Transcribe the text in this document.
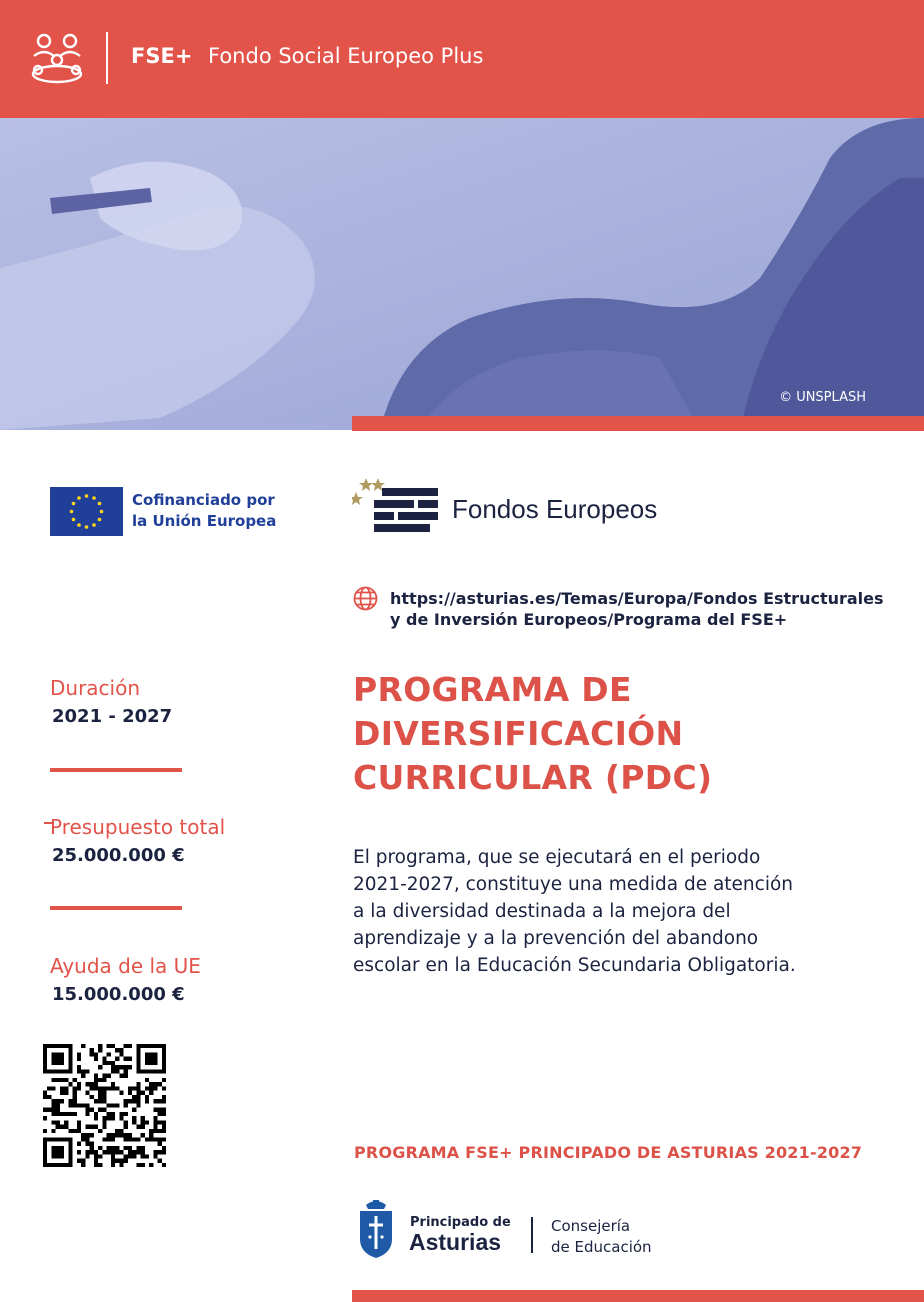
FSE+ Fondo Social Europeo Plus
© UNSPLASH
Cofinanciado por
la Unión Europea	Fondos Europeos
https://asturias.es/Temas/Europa/Fondos Estructurales
y de Inversión Europeos/Programa del FSE+
Duración
2021 - 2027
Presupuesto total
25.000.000 €
Ayuda de la UE
15.000.000 €
PROGRAMA DE
DIVERSIFICACIÓN
CURRICULAR (PDC)
El programa, que se ejecutará en el periodo
2021-2027, constituye una medida de atención
a la diversidad destinada a la mejora del
aprendizaje y a la prevención del abandono
escolar en la Educación Secundaria Obligatoria.
PROGRAMA FSE+ PRINCIPADO DE ASTURIAS 2021-2027
Principado de
Asturias
Consejería
de Educación
